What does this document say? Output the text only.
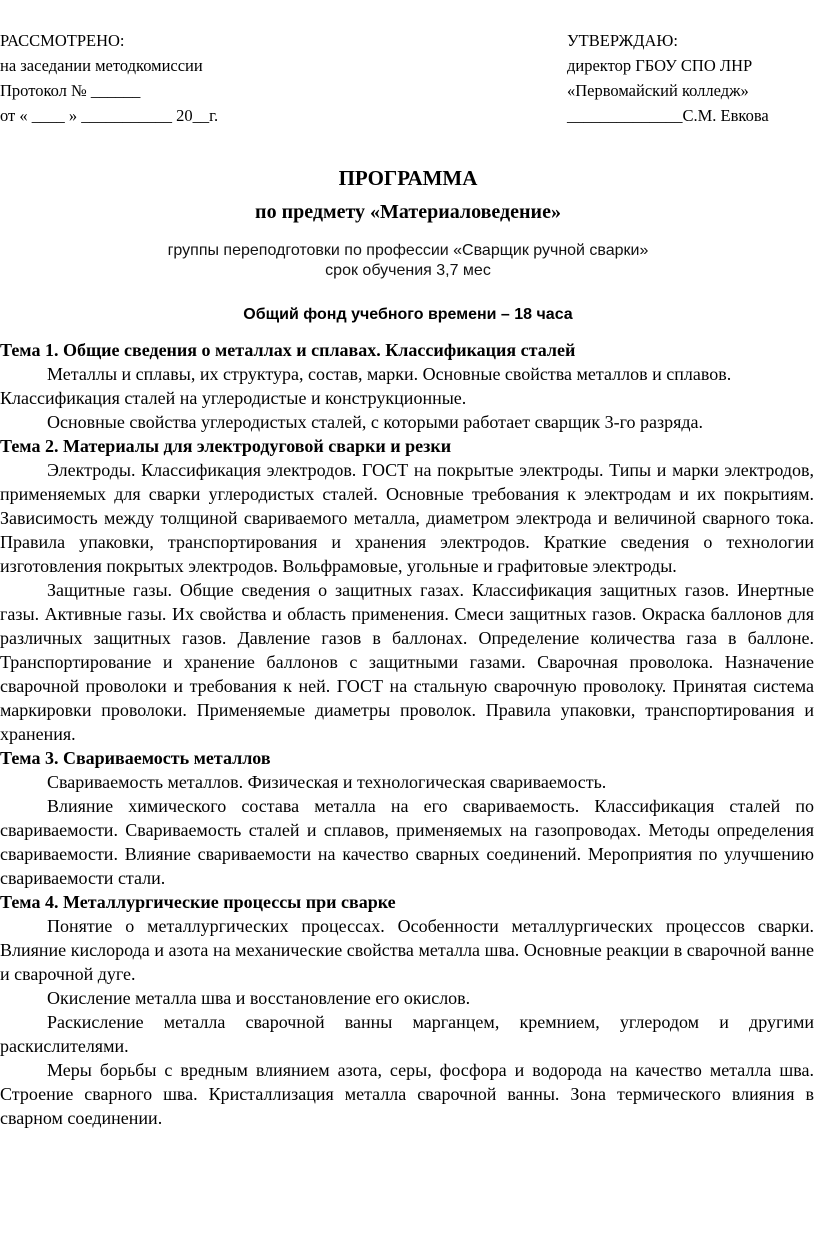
РАССМОТРЕНО:
на заседании методкомиссии
Протокол № ______
от « ____ » ___________ 20__г.
УТВЕРЖДАЮ:
директор ГБОУ СПО ЛНР
«Первомайский колледж»
______________С.М. Евкова
ПРОГРАММА
по предмету «Материаловедение»
группы переподготовки по профессии «Сварщик ручной сварки»
срок обучения 3,7 мес
Общий фонд учебного времени – 18 часа
Тема 1. Общие сведения о металлах и сплавах. Классификация сталей
Металлы и сплавы, их структура, состав, марки. Основные свойства металлов и сплавов. Классификация сталей на углеродистые и конструкционные.
Основные свойства углеродистых сталей, с которыми работает сварщик 3-го разряда.
Тема 2. Материалы для электродуговой сварки и резки
Электроды. Классификация электродов. ГОСТ на покрытые электроды. Типы и марки электродов, применяемых для сварки углеродистых сталей. Основные требования к электродам и их покрытиям. Зависимость между толщиной свариваемого металла, диаметром электрода и величиной сварного тока. Правила упаковки, транспортирования и хранения электродов. Краткие сведения о технологии изготовления покрытых электродов. Вольфрамовые, угольные и графитовые электроды.
Защитные газы. Общие сведения о защитных газах. Классификация защитных газов. Инертные газы. Активные газы. Их свойства и область применения. Смеси защитных газов. Окраска баллонов для различных защитных газов. Давление газов в баллонах. Определение количества газа в баллоне. Транспортирование и хранение баллонов с защитными газами. Сварочная проволока. Назначение сварочной проволоки и требования к ней. ГОСТ на стальную сварочную проволоку. Принятая система маркировки проволоки. Применяемые диаметры проволок. Правила упаковки, транспортирования и хранения.
Тема 3. Свариваемость металлов
Свариваемость металлов. Физическая и технологическая свариваемость.
Влияние химического состава металла на его свариваемость. Классификация сталей по свариваемости. Свариваемость сталей и сплавов, применяемых на газопроводах. Методы определения свариваемости. Влияние свариваемости на качество сварных соединений. Мероприятия по улучшению свариваемости стали.
Тема 4. Металлургические процессы при сварке
Понятие о металлургических процессах. Особенности металлургических процессов сварки. Влияние кислорода и азота на механические свойства металла шва. Основные реакции в сварочной ванне и сварочной дуге.
Окисление металла шва и восстановление его окислов.
Раскисление металла сварочной ванны марганцем, кремнием, углеродом и другими раскислителями.
Меры борьбы с вредным влиянием азота, серы, фосфора и водорода на качество металла шва. Строение сварного шва. Кристаллизация металла сварочной ванны. Зона термического влияния в сварном соединении.
